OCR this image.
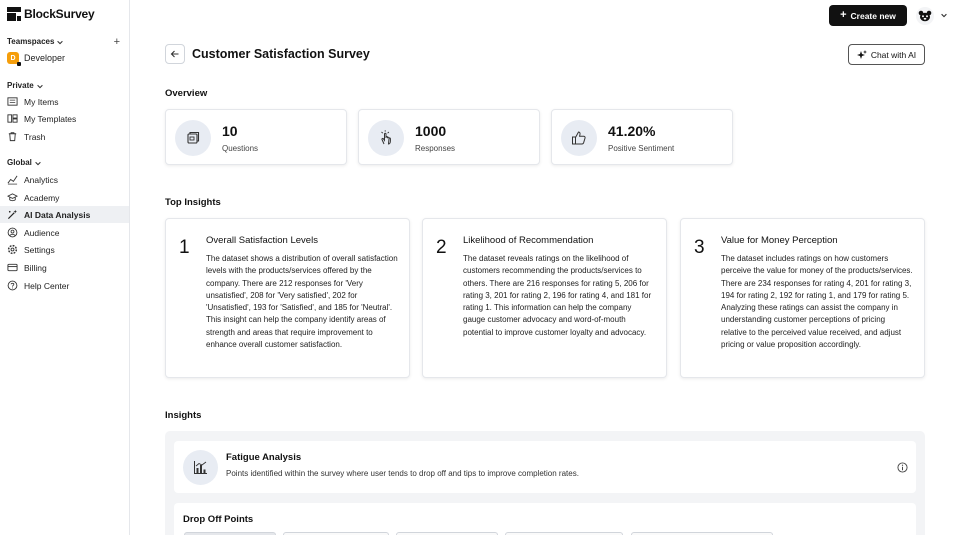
BlockSurvey
Teamspaces	+
D Developer
Private
My Items
My Templates
Trash
Global
Analytics
Academy
AI Data Analysis
Audience
Settings
Billing
Help Center
+ Create new
Customer Satisfaction Survey	Chat with AI
Overview
10
Questions
1000
Responses
41.20%
Positive Sentiment
Top Insights
1 Overall Satisfaction Levels
The dataset shows a distribution of overall satisfaction levels with the products/services offered by the company. There are 212 responses for 'Very unsatisfied', 208 for 'Very satisfied', 202 for 'Unsatisfied', 193 for 'Satisfied', and 185 for 'Neutral'. This insight can help the company identify areas of strength and areas that require improvement to enhance overall customer satisfaction.
2 Likelihood of Recommendation
The dataset reveals ratings on the likelihood of customers recommending the products/services to others. There are 216 responses for rating 5, 206 for rating 3, 201 for rating 2, 196 for rating 4, and 181 for rating 1. This information can help the company gauge customer advocacy and word-of-mouth potential to improve customer loyalty and advocacy.
3 Value for Money Perception
The dataset includes ratings on how customers perceive the value for money of the products/services. There are 234 responses for rating 4, 201 for rating 3, 194 for rating 2, 192 for rating 1, and 179 for rating 5. Analyzing these ratings can assist the company in understanding customer perceptions of pricing relative to the perceived value received, and adjust pricing or value proposition accordingly.
Insights
Fatigue Analysis
Points identified within the survey where user tends to drop off and tips to improve completion rates.
Drop Off Points
